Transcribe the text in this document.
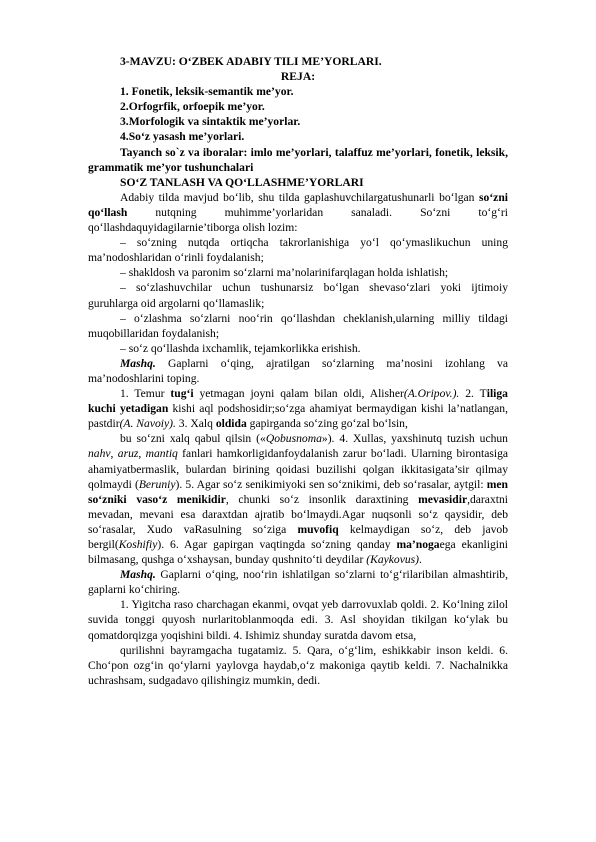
3-MAVZU: O‘ZBEK ADABIY TILI ME’YORLARI.

REJA:

1. Fonetik, leksik-semantik me’yor.

2.Orfogrfik, orfoepik me’yor.

3.Morfologik va sintaktik me’yorlar.

4.So‘z yasash me’yorlari.

Tayanch so`z va iboralar: imlo me’yorlari, talaffuz me’yorlari, fonetik, leksik, grammatik me’yor tushunchalari

SO‘Z TANLASH VA QO‘LLASHME’YORLARI

Adabiy tilda mavjud bo‘lib, shu tilda gaplashuvchilargatushunarli bo‘lgan so‘zni qo‘llash nutqning muhimme’yorlaridan sanaladi. So‘zni to‘g‘ri qo‘llashdaquyidagilarnie’tiborga olish lozim:

– so‘zning nutqda ortiqcha takrorlanishiga yo‘l qo‘ymaslikuchun uning ma’nodoshlaridan o‘rinli foydalanish;

– shakldosh va paronim so‘zlarni ma’nolarinifarqlagan holda ishlatish;

– so‘zlashuvchilar uchun tushunarsiz bo‘lgan shevaso‘zlari yoki ijtimoiy guruhlarga oid argolarni qo‘llamaslik;

– o‘zlashma so‘zlarni noo‘rin qo‘llashdan cheklanish,ularning milliy tildagi muqobillaridan foydalanish;

– so‘z qo‘llashda ixchamlik, tejamkorlikka erishish.

Mashq. Gaplarni o‘qing, ajratilgan so‘zlarning ma’nosini izohlang va ma’nodoshlarini toping.

1. Temur tug‘i yetmagan joyni qalam bilan oldi, Alisher(A.Oripov.). 2. Tiliga kuchi yetadigan kishi aql podshosidir;so‘zga ahamiyat bermaydigan kishi la’natlangan, pastdir(A. Navoiy). 3. Xalq oldida gapirganda so‘zing go‘zal bo‘lsin,

bu so‘zni xalq qabul qilsin («Qobusnoma»). 4. Xullas, yaxshinutq tuzish uchun nahv, aruz, mantiq fanlari hamkorligidanfoydalanish zarur bo‘ladi. Ularning birontasiga ahamiyatbermaslik, bulardan birining qoidasi buzilishi qolgan ikkitasigata’sir qilmay qolmaydi (Beruniy). 5. Agar so‘z senikimiyoki sen so‘znikimi, deb so‘rasalar, aytgil: men so‘zniki vaso‘z menikidir, chunki so‘z insonlik daraxtining mevasidir,daraxtni mevadan, mevani esa daraxtdan ajratib bo‘lmaydi.Agar nuqsonli so‘z qaysidir, deb so‘rasalar, Xudo vaRasulning so‘ziga muvofiq kelmaydigan so‘z, deb javob bergil(Koshifiy). 6. Agar gapirgan vaqtingda so‘zning qanday ma’nogaega ekanligini bilmasang, qushga o‘xshaysan, bunday qushnito‘ti deydilar (Kaykovus).

Mashq. Gaplarni o‘qing, noo‘rin ishlatilgan so‘zlarni to‘g‘rilaribilan almashtirib, gaplarni ko‘chiring.

1. Yigitcha raso charchagan ekanmi, ovqat yeb darrovuxlab qoldi. 2. Ko‘lning zilol suvida tonggi quyosh nurlaritoblanmoqda edi. 3. Asl shoyidan tikilgan ko‘ylak bu qomatdorqizga yoqishini bildi. 4. Ishimiz shunday suratda davom etsa,

qurilishni bayramgacha tugatamiz. 5. Qara, o‘g‘lim, eshikkabir inson keldi. 6. Cho‘pon ozg‘in qo‘ylarni yaylovga haydab,o‘z makoniga qaytib keldi. 7. Nachalnikka uchrashsam, sudgadavo qilishingiz mumkin, dedi.
